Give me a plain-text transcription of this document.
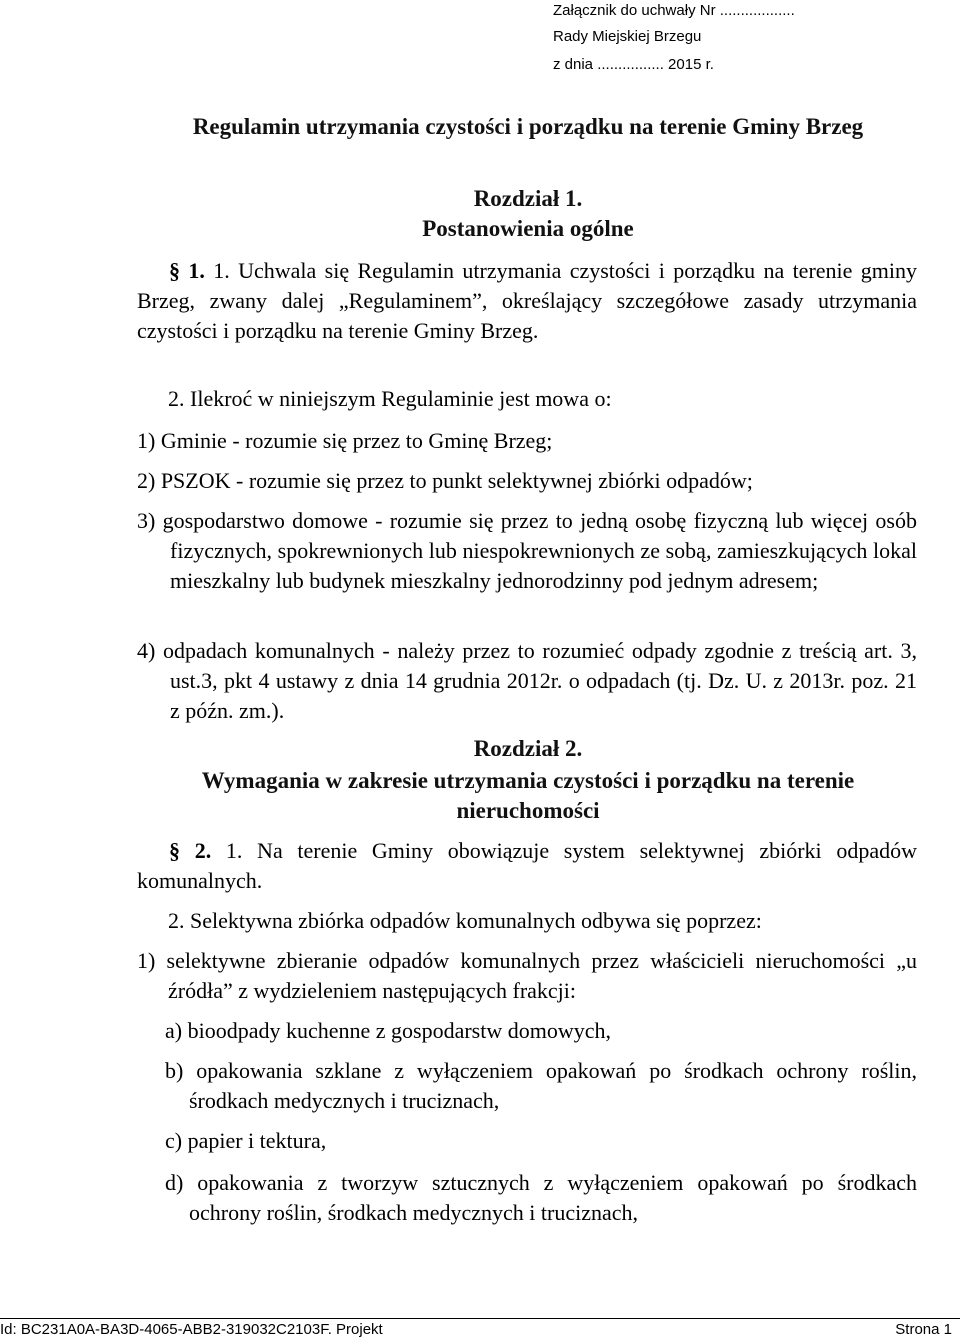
Załącznik do uchwały Nr ..................
Rady Miejskiej Brzegu
z dnia ................ 2015 r.
Regulamin utrzymania czystości i porządku na terenie Gminy Brzeg
Rozdział 1.
Postanowienia ogólne
§ 1. 1. Uchwala się Regulamin utrzymania czystości i porządku na terenie gminy Brzeg, zwany dalej „Regulaminem”, określający szczegółowe zasady utrzymania czystości i porządku na terenie Gminy Brzeg.
2. Ilekroć w niniejszym Regulaminie jest mowa o:
1) Gminie - rozumie się przez to Gminę Brzeg;
2) PSZOK - rozumie się przez to punkt selektywnej zbiórki odpadów;
3) gospodarstwo domowe - rozumie się przez to jedną osobę fizyczną lub więcej osób fizycznych, spokrewnionych lub niespokrewnionych ze sobą, zamieszkujących lokal mieszkalny lub budynek mieszkalny jednorodzinny pod jednym adresem;
4) odpadach komunalnych - należy przez to rozumieć odpady zgodnie z treścią art. 3, ust.3, pkt 4 ustawy z dnia 14 grudnia 2012r. o odpadach (tj. Dz. U. z 2013r. poz. 21 z późn. zm.).
Rozdział 2.
Wymagania w zakresie utrzymania czystości i porządku na terenie nieruchomości
§ 2. 1. Na terenie Gminy obowiązuje system selektywnej zbiórki odpadów komunalnych.
2. Selektywna zbiórka odpadów komunalnych odbywa się poprzez:
1) selektywne zbieranie odpadów komunalnych przez właścicieli nieruchomości „u źródła” z wydzieleniem następujących frakcji:
a) bioodpady kuchenne z gospodarstw domowych,
b) opakowania szklane z wyłączeniem opakowań po środkach ochrony roślin, środkach medycznych i truciznach,
c) papier i tektura,
d) opakowania z tworzyw sztucznych z wyłączeniem opakowań po środkach ochrony roślin, środkach medycznych i truciznach,
Id: BC231A0A-BA3D-4065-ABB2-319032C2103F. Projekt	Strona 1
